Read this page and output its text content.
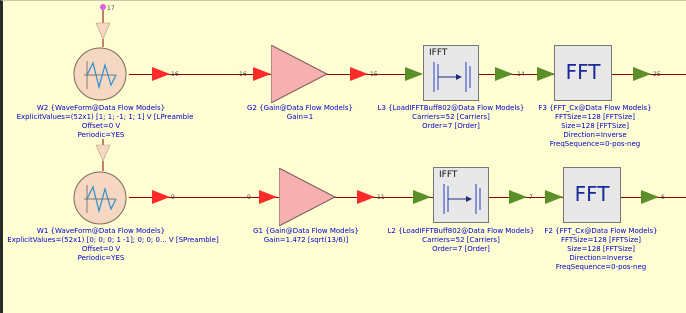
17
16	16	15
IFFT
14	FFT	25
W2 {WaveForm@Data Flow Models}
ExplicitValues=(52x1) [1; 1; -1; 1; 1] V [LPreamble
Offset=0 V
Periodic=YES
G2 {Gain@Data Flow Models}
Gain=1
L3 {LoadIFFTBuff802@Data Flow Models}
Carriers=52 [Carriers]
Order=7 [Order]
F3 {FFT_Cx@Data Flow Models}
FFTSize=128 [FFTSize]
Size=128 [FFTSize]
Direction=Inverse
FreqSequence=0-pos-neg
9	9	11
IFFT
7	FFT	6
W1 {WaveForm@Data Flow Models}
ExplicitValues=(52x1) [0; 0; 0; 1 -1]; 0; 0; 0... V [SPreamble]
Offset=0 V
Periodic=YES
G1 {Gain@Data Flow Models}
Gain=1.472 [sqrt(13/6)]
L2 {LoadIFFTBuff802@Data Flow Models}
Carriers=52 [Carriers]
Order=7 [Order]
F2 {FFT_Cx@Data Flow Models}
FFTSize=128 [FFTSize]
Size=128 [FFTSize]
Direction=Inverse
FreqSequence=0-pos-neg
